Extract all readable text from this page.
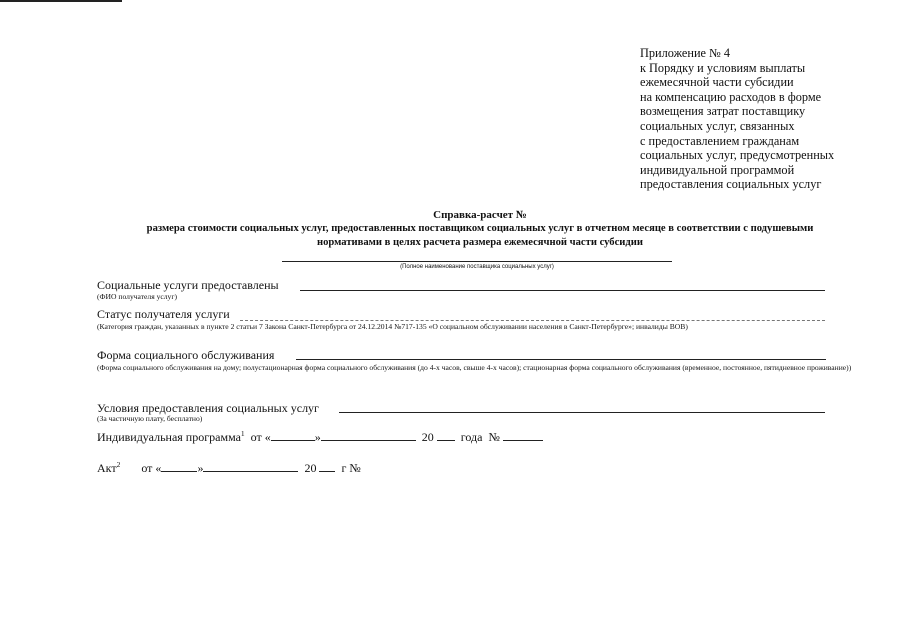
Приложение № 4
к Порядку и условиям выплаты
ежемесячной части субсидии
на компенсацию расходов в форме
возмещения затрат поставщику
социальных услуг, связанных
с предоставлением гражданам
социальных услуг, предусмотренных
индивидуальной программой
предоставления социальных услуг
Справка-расчет №
размера стоимости социальных услуг, предоставленных поставщиком социальных услуг в отчетном месяце в соответствии с подушевыми
нормативами в целях расчета размера ежемесячной части субсидии
(Полное наименование поставщика социальных услуг)
Социальные услуги предоставлены
(ФИО получателя услуг)
Статус получателя услуги
(Категория граждан, указанных в пункте 2 статьи 7 Закона Санкт-Петербурга от 24.12.2014 №717-135 «О социальном обслуживании населения в Санкт-Петербурге»; инвалиды ВОВ)
Форма социального обслуживания
(Форма социального обслуживания на дому; полустационарная форма социального обслуживания (до 4-х часов, свыше 4-х часов); стационарная форма социального обслуживания (временное, постоянное, пятидневное проживание))
Условия предоставления социальных услуг
(За частичную плату, бесплатно)
Индивидуальная программа$^1$ от «	»	20 года №
Акт$^2$ от «	»	20 г №
